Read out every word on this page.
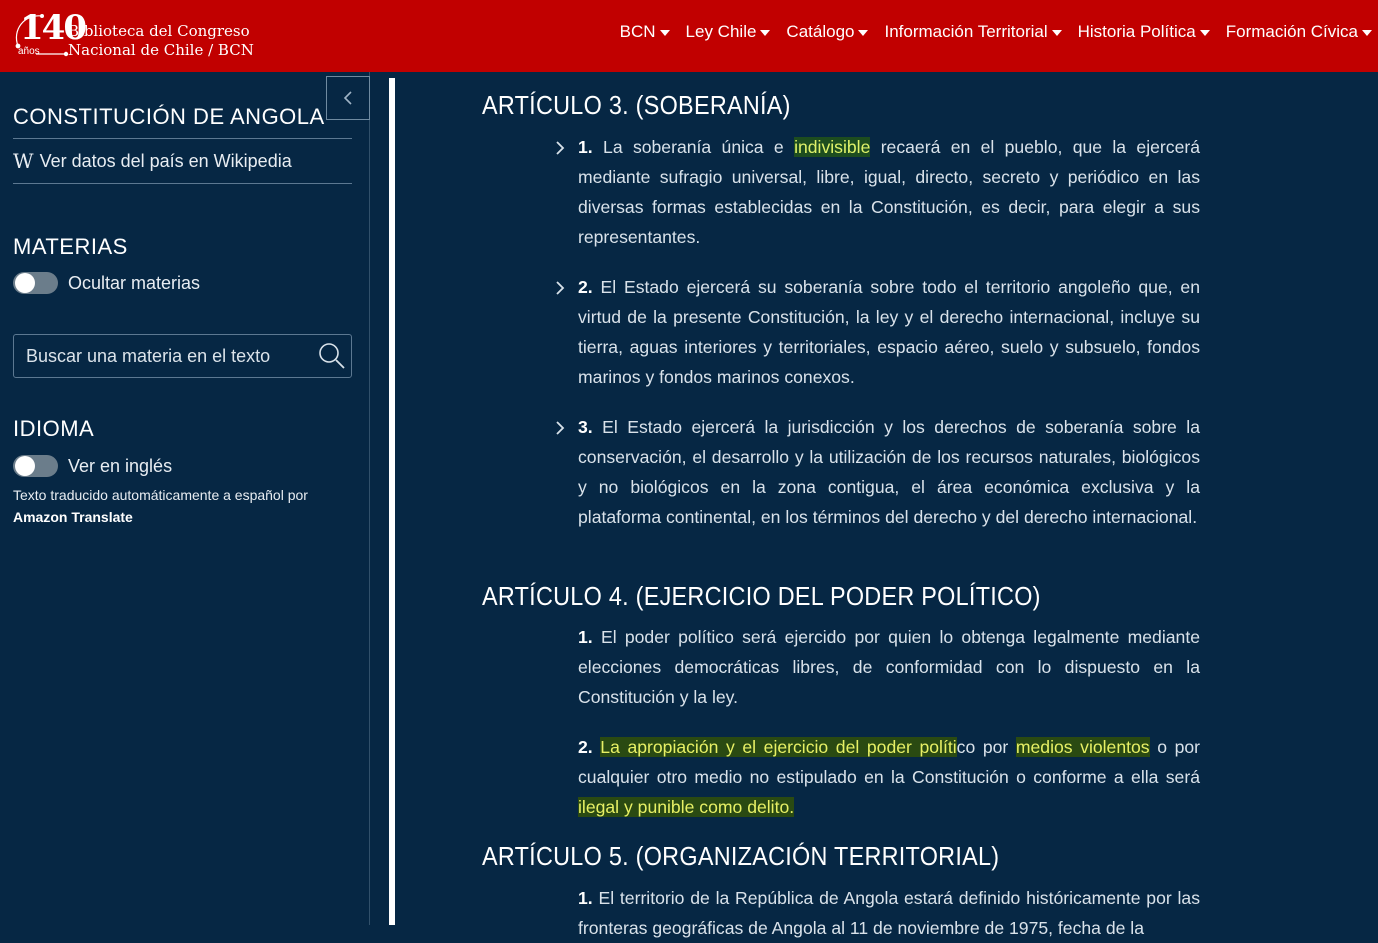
140
años
Biblioteca del Congreso
Nacional de Chile / BCN
BCN Ley Chile Catálogo Información Territorial Historia Política Formación Cívica
CONSTITUCIÓN DE ANGOLA
W Ver datos del país en Wikipedia
MATERIAS
Ocultar materias
Buscar una materia en el texto
IDIOMA
Ver en inglés
Texto traducido automáticamente a español por
Amazon Translate
ARTÍCULO 3. (SOBERANÍA)
1. La soberanía única e indivisible recaerá en el pueblo, que la ejercerá mediante sufragio universal, libre, igual, directo, secreto y periódico en las diversas formas establecidas en la Constitución, es decir, para elegir a sus representantes.
2. El Estado ejercerá su soberanía sobre todo el territorio angoleño que, en virtud de la presente Constitución, la ley y el derecho internacional, incluye su tierra, aguas interiores y territoriales, espacio aéreo, suelo y subsuelo, fondos marinos y fondos marinos conexos.
3. El Estado ejercerá la jurisdicción y los derechos de soberanía sobre la conservación, el desarrollo y la utilización de los recursos naturales, biológicos y no biológicos en la zona contigua, el área económica exclusiva y la plataforma continental, en los términos del derecho y del derecho internacional.
ARTÍCULO 4. (EJERCICIO DEL PODER POLÍTICO)
1. El poder político será ejercido por quien lo obtenga legalmente mediante elecciones democráticas libres, de conformidad con lo dispuesto en la Constitución y la ley.
2. La apropiación y el ejercicio del poder político por medios violentos o por cualquier otro medio no estipulado en la Constitución o conforme a ella será ilegal y punible como delito.
ARTÍCULO 5. (ORGANIZACIÓN TERRITORIAL)
1. El territorio de la República de Angola estará definido históricamente por las fronteras geográficas de Angola al 11 de noviembre de 1975, fecha de la
